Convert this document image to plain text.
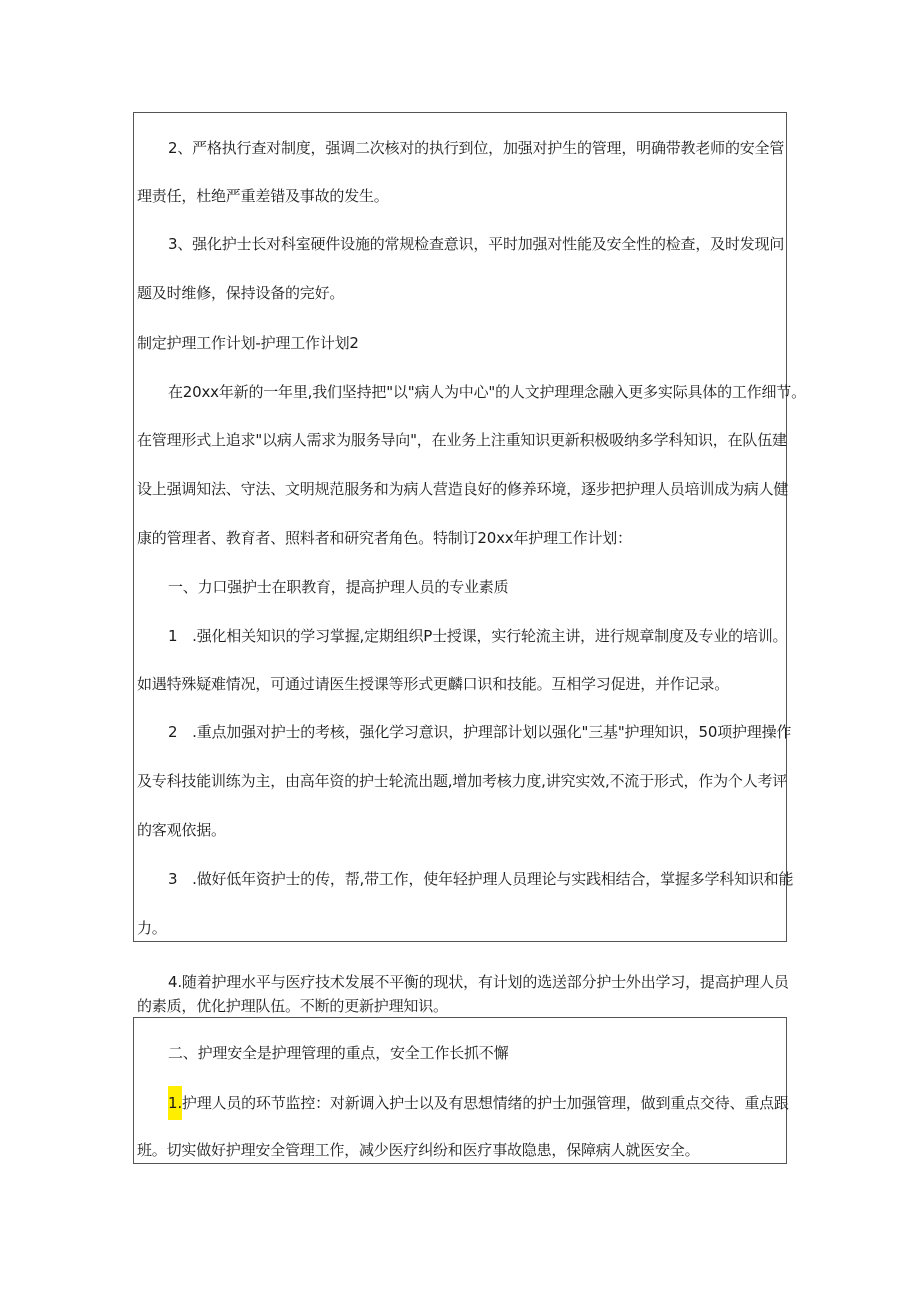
2、严格执行查对制度，强调二次核对的执行到位，加强对护生的管理，明确带教老师的安全管
理责任，杜绝严重差错及事故的发生。
3、强化护士长对科室硬件设施的常规检查意识，平时加强对性能及安全性的检查，及时发现问
题及时维修，保持设备的完好。
制定护理工作计划-护理工作计划2
在20xx年新的一年里,我们坚持把"以"病人为中心"的人文护理理念融入更多实际具体的工作细节。
在管理形式上追求"以病人需求为服务导向"，在业务上注重知识更新积极吸纳多学科知识，在队伍建
设上强调知法、守法、文明规范服务和为病人营造良好的修养环境，逐步把护理人员培训成为病人健
康的管理者、教育者、照料者和研究者角色。特制订20xx年护理工作计划：
一、力口强护士在职教育，提高护理人员的专业素质
1　.强化相关知识的学习掌握,定期组织P士授课，实行轮流主讲，进行规章制度及专业的培训。
如遇特殊疑难情况，可通过请医生授课等形式更麟口识和技能。互相学习促进，并作记录。
2　.重点加强对护士的考核，强化学习意识，护理部计划以强化"三基"护理知识，50项护理操作
及专科技能训练为主，由高年资的护士轮流出题,增加考核力度,讲究实效,不流于形式，作为个人考评
的客观依据。
3　.做好低年资护士的传，帮,带工作，使年轻护理人员理论与实践相结合，掌握多学科知识和能
力。
4.随着护理水平与医疗技术发展不平衡的现状，有计划的选送部分护士外出学习，提高护理人员
的素质，优化护理队伍。不断的更新护理知识。
二、护理安全是护理管理的重点，安全工作长抓不懈
1.护理人员的环节监控：对新调入护士以及有思想情绪的护士加强管理，做到重点交待、重点跟
班。切实做好护理安全管理工作，减少医疗纠纷和医疗事故隐患，保障病人就医安全。
